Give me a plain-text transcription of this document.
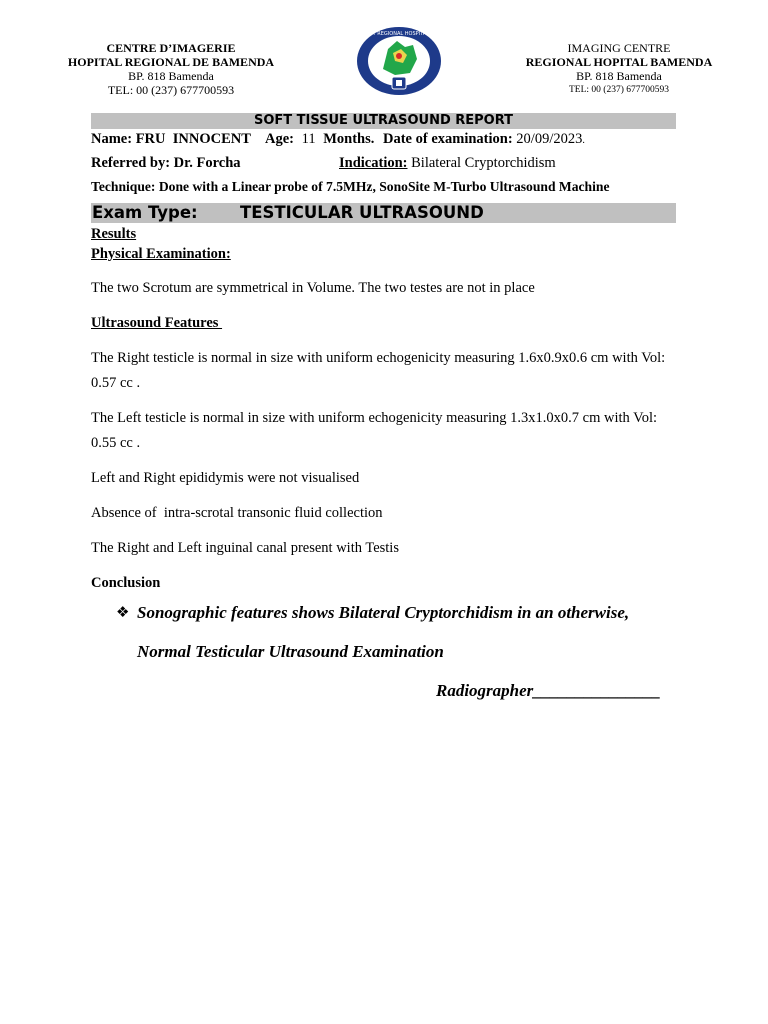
CENTRE D’IMAGERIE
HOPITAL REGIONAL DE BAMENDA
BP. 818 Bamenda
TEL: 00 (237) 677700593
NORTH WEST REGIONAL HOSPITAL BAMENDA
IMAGING CENTRE
REGIONAL HOPITAL BAMENDA
BP. 818 Bamenda
TEL: 00 (237) 677700593
SOFT TISSUE ULTRASOUND REPORT
Name: FRU  INNOCENT Age: 11 Months. Date of examination: 20/09/2023.
Referred by: Dr. Forcha	Indication: Bilateral Cryptorchidism
Technique: Done with a Linear probe of 7.5MHz, SonoSite M-Turbo Ultrasound Machine
Exam Type:	TESTICULAR ULTRASOUND
Results
Physical Examination:
The two Scrotum are symmetrical in Volume. The two testes are not in place
Ultrasound Features
The Right testicle is normal in size with uniform echogenicity measuring 1.6x0.9x0.6 cm with Vol: 0.57 cc .
The Left testicle is normal in size with uniform echogenicity measuring 1.3x1.0x0.7 cm with Vol: 0.55 cc .
Left and Right epididymis were not visualised
Absence of  intra-scrotal transonic fluid collection
The Right and Left inguinal canal present with Testis
Conclusion
❖ Sonographic features shows Bilateral Cryptorchidism in an otherwise,
Normal Testicular Ultrasound Examination
Radiographer_______________
